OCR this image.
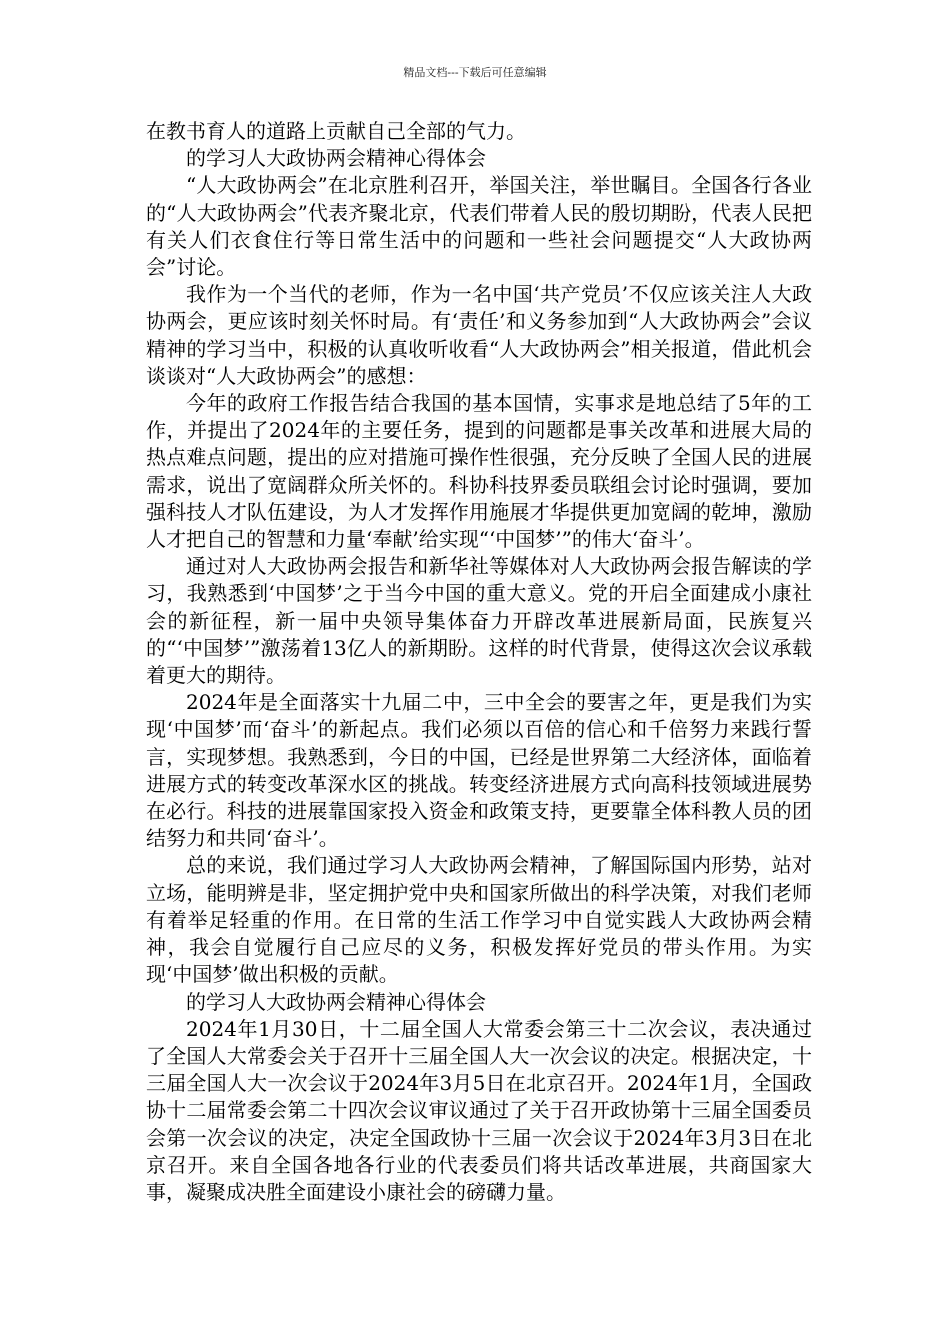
精品文档---下载后可任意编辑

在教书育人的道路上贡献自己全部的气力。

的学习人大政协两会精神心得体会

“人大政协两会”在北京胜利召开，举国关注，举世瞩目。全国各行各业的“人大政协两会”代表齐聚北京，代表们带着人民的殷切期盼，代表人民把有关人们衣食住行等日常生活中的问题和一些社会问题提交“人大政协两会”讨论。

我作为一个当代的老师，作为一名中国‘共产党员’不仅应该关注人大政协两会，更应该时刻关怀时局。有‘责任’和义务参加到“人大政协两会”会议精神的学习当中，积极的认真收听收看“人大政协两会”相关报道，借此机会谈谈对“人大政协两会”的感想：

今年的政府工作报告结合我国的基本国情，实事求是地总结了5年的工作，并提出了2024年的主要任务，提到的问题都是事关改革和进展大局的热点难点问题，提出的应对措施可操作性很强，充分反映了全国人民的进展需求，说出了宽阔群众所关怀的。科协科技界委员联组会讨论时强调，要加强科技人才队伍建设，为人才发挥作用施展才华提供更加宽阔的乾坤，激励人才把自己的智慧和力量‘奉献’给实现“‘中国梦’”的伟大‘奋斗’。

通过对人大政协两会报告和新华社等媒体对人大政协两会报告解读的学习，我熟悉到‘中国梦’之于当今中国的重大意义。党的开启全面建成小康社会的新征程，新一届中央领导集体奋力开辟改革进展新局面，民族复兴的“‘中国梦’”激荡着13亿人的新期盼。这样的时代背景，使得这次会议承载着更大的期待。

2024年是全面落实十九届二中，三中全会的要害之年，更是我们为实现‘中国梦’而‘奋斗’的新起点。我们必须以百倍的信心和千倍努力来践行誓言，实现梦想。我熟悉到，今日的中国，已经是世界第二大经济体，面临着进展方式的转变改革深水区的挑战。转变经济进展方式向高科技领域进展势在必行。科技的进展靠国家投入资金和政策支持，更要靠全体科教人员的团结努力和共同‘奋斗’。

总的来说，我们通过学习人大政协两会精神，了解国际国内形势，站对立场，能明辨是非，坚定拥护党中央和国家所做出的科学决策，对我们老师有着举足轻重的作用。在日常的生活工作学习中自觉实践人大政协两会精神，我会自觉履行自己应尽的义务，积极发挥好党员的带头作用。为实现‘中国梦’做出积极的贡献。

的学习人大政协两会精神心得体会

2024年1月30日，十二届全国人大常委会第三十二次会议，表决通过了全国人大常委会关于召开十三届全国人大一次会议的决定。根据决定，十三届全国人大一次会议于2024年3月5日在北京召开。2024年1月，全国政协十二届常委会第二十四次会议审议通过了关于召开政协第十三届全国委员会第一次会议的决定，决定全国政协十三届一次会议于2024年3月3日在北京召开。来自全国各地各行业的代表委员们将共话改革进展，共商国家大事，凝聚成决胜全面建设小康社会的磅礴力量。
